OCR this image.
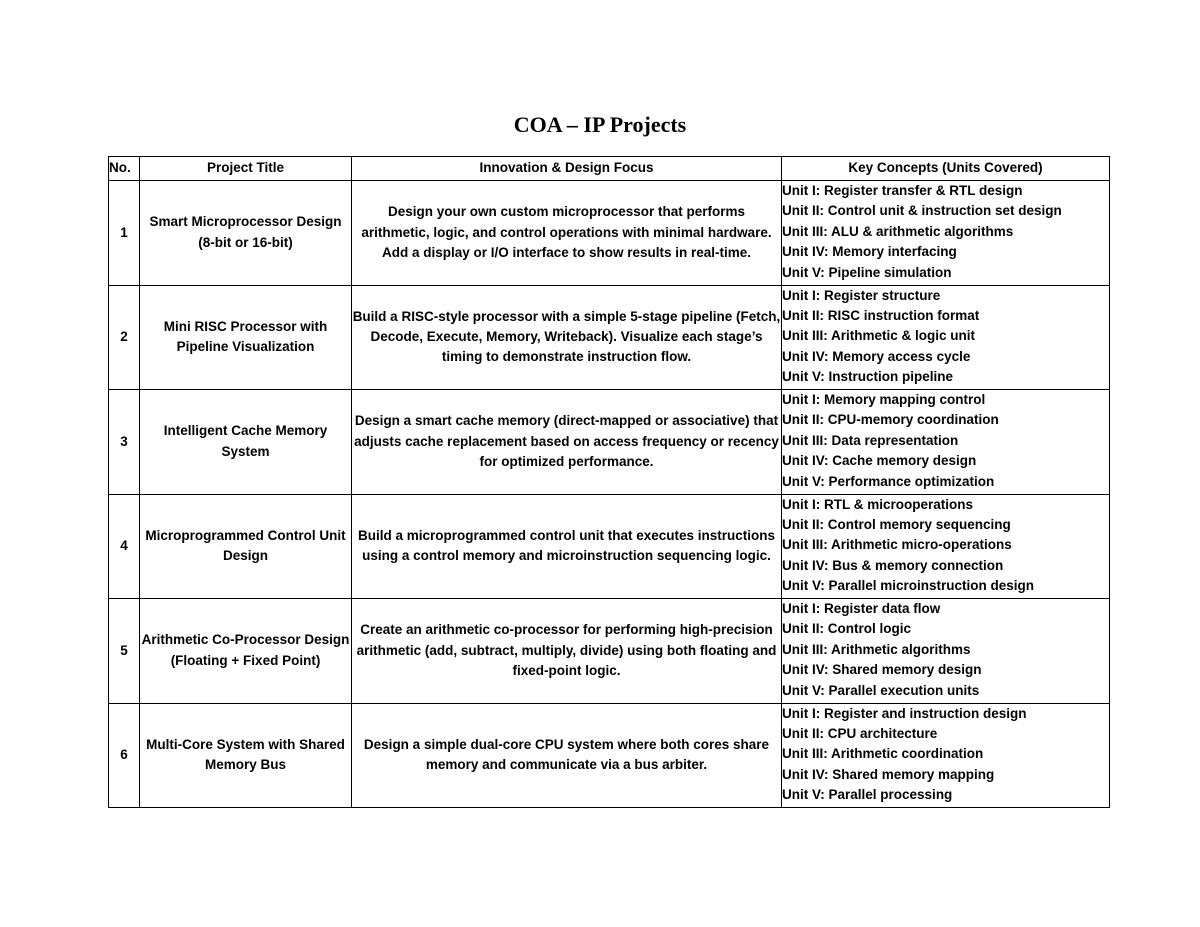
COA – IP Projects
No.	Project Title	Innovation & Design Focus	Key Concepts (Units Covered)
1	Smart Microprocessor Design (8-bit or 16-bit)	Design your own custom microprocessor that performs arithmetic, logic, and control operations with minimal hardware. Add a display or I/O interface to show results in real-time.	Unit I: Register transfer & RTL design
Unit II: Control unit & instruction set design
Unit III: ALU & arithmetic algorithms
Unit IV: Memory interfacing
Unit V: Pipeline simulation

2	Mini RISC Processor with Pipeline Visualization	Build a RISC-style processor with a simple 5-stage pipeline (Fetch, Decode, Execute, Memory, Writeback). Visualize each stage’s timing to demonstrate instruction flow.	Unit I: Register structure
Unit II: RISC instruction format
Unit III: Arithmetic & logic unit
Unit IV: Memory access cycle
Unit V: Instruction pipeline

3	Intelligent Cache Memory System	Design a smart cache memory (direct-mapped or associative) that adjusts cache replacement based on access frequency or recency for optimized performance.	Unit I: Memory mapping control
Unit II: CPU-memory coordination
Unit III: Data representation
Unit IV: Cache memory design
Unit V: Performance optimization

4	Microprogrammed Control Unit Design	Build a microprogrammed control unit that executes instructions using a control memory and microinstruction sequencing logic.	Unit I: RTL & microoperations
Unit II: Control memory sequencing
Unit III: Arithmetic micro-operations
Unit IV: Bus & memory connection
Unit V: Parallel microinstruction design

5	Arithmetic Co-Processor Design (Floating + Fixed Point)	Create an arithmetic co-processor for performing high-precision arithmetic (add, subtract, multiply, divide) using both floating and fixed-point logic.	Unit I: Register data flow
Unit II: Control logic
Unit III: Arithmetic algorithms
Unit IV: Shared memory design
Unit V: Parallel execution units

6	Multi-Core System with Shared Memory Bus	Design a simple dual-core CPU system where both cores share memory and communicate via a bus arbiter.	Unit I: Register and instruction design
Unit II: CPU architecture
Unit III: Arithmetic coordination
Unit IV: Shared memory mapping
Unit V: Parallel processing
